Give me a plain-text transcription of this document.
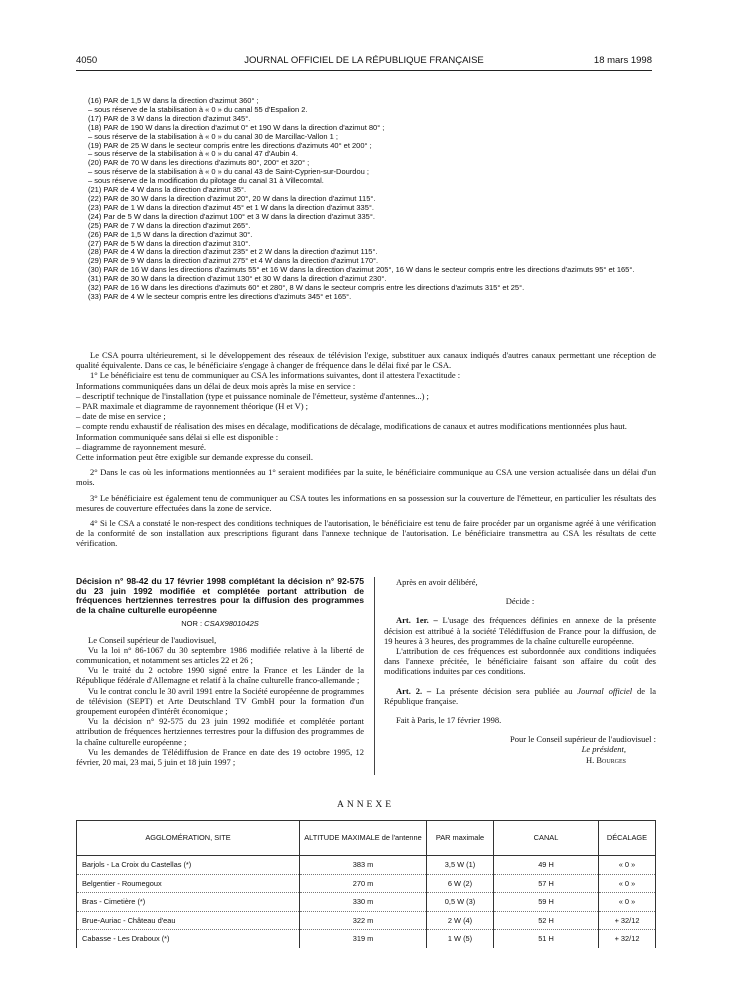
4050	JOURNAL OFFICIEL DE LA RÉPUBLIQUE FRANÇAISE	18 mars 1998
(16) PAR de 1,5 W dans la direction d'azimut 360° ;
– sous réserve de la stabilisation à « 0 » du canal 55 d'Espalion 2.
(17) PAR de 3 W dans la direction d'azimut 345°.
(18) PAR de 190 W dans la direction d'azimut 0° et 190 W dans la direction d'azimut 80° ;
– sous réserve de la stabilisation à « 0 » du canal 30 de Marcillac-Vallon 1 ;
(19) PAR de 25 W dans le secteur compris entre les directions d'azimuts 40° et 200° ;
– sous réserve de la stabilisation à « 0 » du canal 47 d'Aubin 4.
(20) PAR de 70 W dans les directions d'azimuts 80°, 200° et 320° ;
– sous réserve de la stabilisation à « 0 » du canal 43 de Saint-Cyprien-sur-Dourdou ;
– sous réserve de la modification du pilotage du canal 31 à Villecomtal.
(21) PAR de 4 W dans la direction d'azimut 35°.
(22) PAR de 30 W dans la direction d'azimut 20°, 20 W dans la direction d'azimut 115°.
(23) PAR de 1 W dans la direction d'azimut 45° et 1 W dans la direction d'azimut 335°.
(24) Par de 5 W dans la direction d'azimut 100° et 3 W dans la direction d'azimut 335°.
(25) PAR de 7 W dans la direction d'azimut 265°.
(26) PAR de 1,5 W dans la direction d'azimut 30°.
(27) PAR de 5 W dans la direction d'azimut 310°.
(28) PAR de 4 W dans la direction d'azimut 235° et 2 W dans la direction d'azimut 115°.
(29) PAR de 9 W dans la direction d'azimut 275° et 4 W dans la direction d'azimut 170°.
(30) PAR de 16 W dans les directions d'azimuts 55° et 16 W dans la direction d'azimut 205°, 16 W dans le secteur compris entre les directions d'azimuts 95° et 165°.
(31) PAR de 30 W dans la direction d'azimut 130° et 30 W dans la direction d'azimut 230°.
(32) PAR de 16 W dans les directions d'azimuts 60° et 280°, 8 W dans le secteur compris entre les directions d'azimuts 315° et 25°.
(33) PAR de 4 W le secteur compris entre les directions d'azimuts 345° et 165°.

Le CSA pourra ultérieurement, si le développement des réseaux de télévision l'exige, substituer aux canaux indiqués d'autres canaux permettant une réception de qualité équivalente. Dans ce cas, le bénéficiaire s'engage à changer de fréquence dans le délai fixé par le CSA.

1° Le bénéficiaire est tenu de communiquer au CSA les informations suivantes, dont il attestera l'exactitude :

Informations communiquées dans un délai de deux mois après la mise en service :

– descriptif technique de l'installation (type et puissance nominale de l'émetteur, système d'antennes...) ;

– PAR maximale et diagramme de rayonnement théorique (H et V) ;

– date de mise en service ;

– compte rendu exhaustif de réalisation des mises en décalage, modifications de décalage, modifications de canaux et autres modifications mentionnées plus haut.

Information communiquée sans délai si elle est disponible :

– diagramme de rayonnement mesuré.

Cette information peut être exigible sur demande expresse du conseil.

2° Dans le cas où les informations mentionnées au 1° seraient modifiées par la suite, le bénéficiaire communique au CSA une version actualisée dans un délai d'un mois.

3° Le bénéficiaire est également tenu de communiquer au CSA toutes les informations en sa possession sur la couverture de l'émetteur, en particulier les résultats des mesures de couverture effectuées dans la zone de service.

4° Si le CSA a constaté le non-respect des conditions techniques de l'autorisation, le bénéficiaire est tenu de faire procéder par un organisme agréé à une vérification de la conformité de son installation aux prescriptions figurant dans l'annexe technique de l'autorisation. Le bénéficiaire transmettra au CSA les résultats de cette vérification.

Décision n° 98-42 du 17 février 1998 complétant la décision n° 92-575 du 23 juin 1992 modifiée et complétée portant attribution de fréquences hertziennes terrestres pour la diffusion des programmes de la chaîne culturelle européenne

NOR : CSAX9801042S

Le Conseil supérieur de l'audiovisuel,

Vu la loi n° 86-1067 du 30 septembre 1986 modifiée relative à la liberté de communication, et notamment ses articles 22 et 26 ;

Vu le traité du 2 octobre 1990 signé entre la France et les Länder de la République fédérale d'Allemagne et relatif à la chaîne culturelle franco-allemande ;

Vu le contrat conclu le 30 avril 1991 entre la Société européenne de programmes de télévision (SEPT) et Arte Deutschland TV GmbH pour la formation d'un groupement européen d'intérêt économique ;

Vu la décision n° 92-575 du 23 juin 1992 modifiée et complétée portant attribution de fréquences hertziennes terrestres pour la diffusion des programmes de la chaîne culturelle européenne ;

Vu les demandes de Télédiffusion de France en date des 19 octobre 1995, 12 février, 20 mai, 23 mai, 5 juin et 18 juin 1997 ;

Après en avoir délibéré,

Décide :

Art. 1er. – L'usage des fréquences définies en annexe de la présente décision est attribué à la société Télédiffusion de France pour la diffusion, de 19 heures à 3 heures, des programmes de la chaîne culturelle européenne.

L'attribution de ces fréquences est subordonnée aux conditions indiquées dans l'annexe précitée, le bénéficiaire faisant son affaire du coût des modifications induites par ces conditions.

Art. 2. – La présente décision sera publiée au Journal officiel de la République française.

Fait à Paris, le 17 février 1998.

Pour le Conseil supérieur de l'audiovisuel :

Le président,

H. Bourges

ANNEXE
AGGLOMÉRATION, SITE	ALTITUDE MAXIMALE de l'antenne	PAR maximale	CANAL	DÉCALAGE
Barjols - La Croix du Castellas (*)	383 m	3,5 W (1)	49 H	« 0 »
Belgentier - Roumegoux	270 m	6 W (2)	57 H	« 0 »
Bras - Cimetière (*)	330 m	0,5 W (3)	59 H	« 0 »
Brue-Auriac - Château d'eau	322 m	2 W (4)	52 H	+ 32/12
Cabasse - Les Draboux (*)	319 m	1 W (5)	51 H	+ 32/12
